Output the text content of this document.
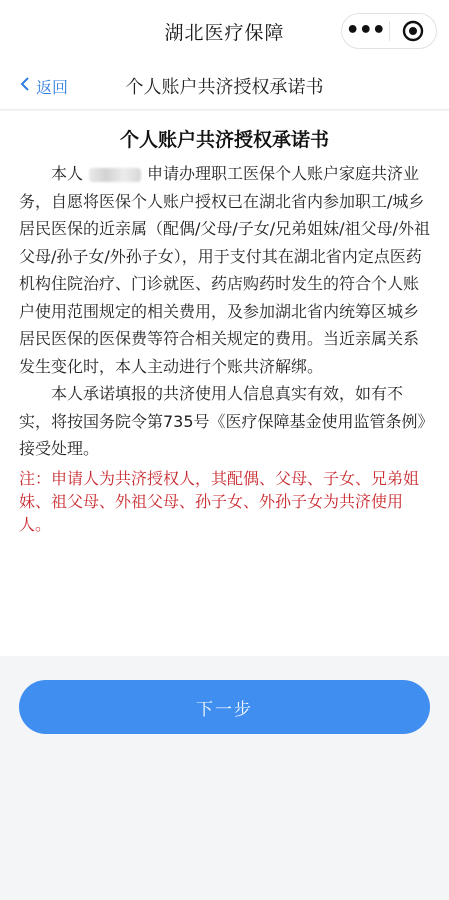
湖北医疗保障	•••
返回	个人账户共济授权承诺书
个人账户共济授权承诺书

本人	申请办理职工医保个人账户家庭共济业务，自愿将医保个人账户授权已在湖北省内参加职工/城乡居民医保的近亲属（配偶/父母/子女/兄弟姐妹/祖父母/外祖父母/孙子女/外孙子女），用于支付其在湖北省内定点医药机构住院治疗、门诊就医、药店购药时发生的符合个人账户使用范围规定的相关费用，及参加湖北省内统筹区城乡居民医保的医保费等符合相关规定的费用。当近亲属关系发生变化时，本人主动进行个账共济解绑。

本人承诺填报的共济使用人信息真实有效，如有不实，将按国务院令第735号《医疗保障基金使用监管条例》接受处理。

注：申请人为共济授权人，其配偶、父母、子女、兄弟姐妹、祖父母、外祖父母、孙子女、外孙子女为共济使用人。

下一步
